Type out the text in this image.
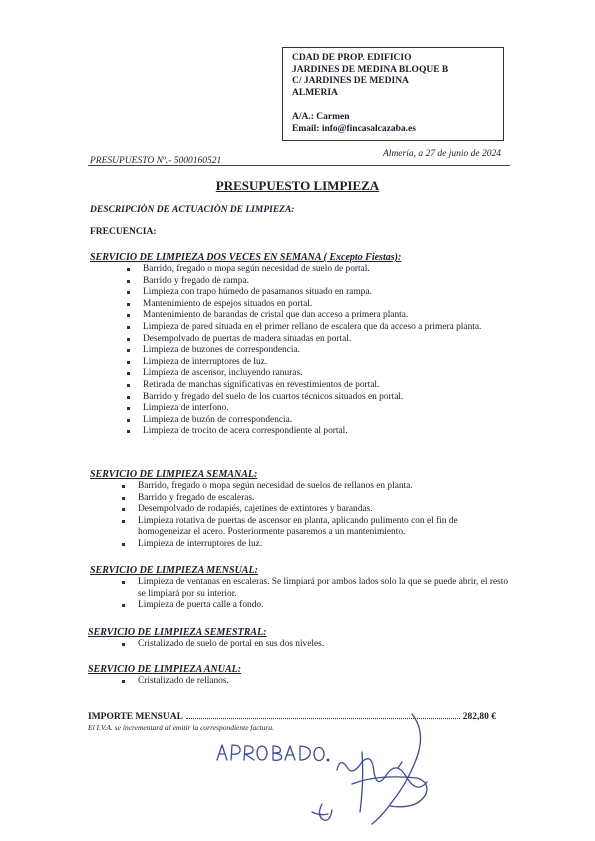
CDAD DE PROP. EDIFICIO
JARDINES DE MEDINA BLOQUE B
C/ JARDINES DE MEDINA
ALMERIA
A/A.: Carmen
Email: info@fincasalcazaba.es
PRESUPUESTO Nº.- 5000160521
Almería, a 27 de junio de 2024
PRESUPUESTO LIMPIEZA
DESCRIPCIÒN DE ACTUACIÒN DE LIMPIEZA:
FRECUENCIA:
SERVICIO DE LIMPIEZA DOS VECES EN SEMANA ( Excepto Fiestas):
Barrido, fregado o mopa según necesidad de suelo de portal.
Barrido y fregado de rampa.
Limpieza con trapo húmedo de pasamanos situado en rampa.
Mantenimiento de espejos situados en portal.
Mantenimiento de barandas de cristal que dan acceso a primera planta.
Limpieza de pared situada en el primer rellano de escalera que da acceso a primera planta.
Desempolvado de puertas de madera situadas en portal.
Limpieza de buzones de correspondencia.
Limpieza de interruptores de luz.
Limpieza de ascensor, incluyendo ranuras.
Retirada de manchas significativas en revestimientos de portal.
Barrido y fregado del suelo de los cuartos técnicos situados en portal.
Limpieza de interfono.
Limpieza de buzón de correspondencia.
Limpieza de trocito de acera correspondiente al portal.
SERVICIO DE LIMPIEZA SEMANAL:
Barrido, fregado o mopa según necesidad de suelos de rellanos en planta.
Barrido y fregado de escaleras.
Desempolvado de rodapiés, cajetines de extintores y barandas.
Limpieza rotativa de puertas de ascensor en planta, aplicando pulimento con el fin de homogeneizar el acero. Posteriormente pasaremos a un mantenimiento.
Limpieza de interruptores de luz.
SERVICIO DE LIMPIEZA MENSUAL:
Limpieza de ventanas en escaleras. Se limpiará por ambos lados solo la que se puede abrir, el resto se limpiará por su interior.
Limpieza de puerta calle a fondo.
SERVICIO DE LIMPIEZA SEMESTRAL:
Cristalizado de suelo de portal en sus dos niveles.
SERVICIO DE LIMPIEZA ANUAL:
Cristalizado de rellanos.
IMPORTE MENSUAL	282,80 €
El I.V.A. se incrementará al emitir la correspondiente factura.
